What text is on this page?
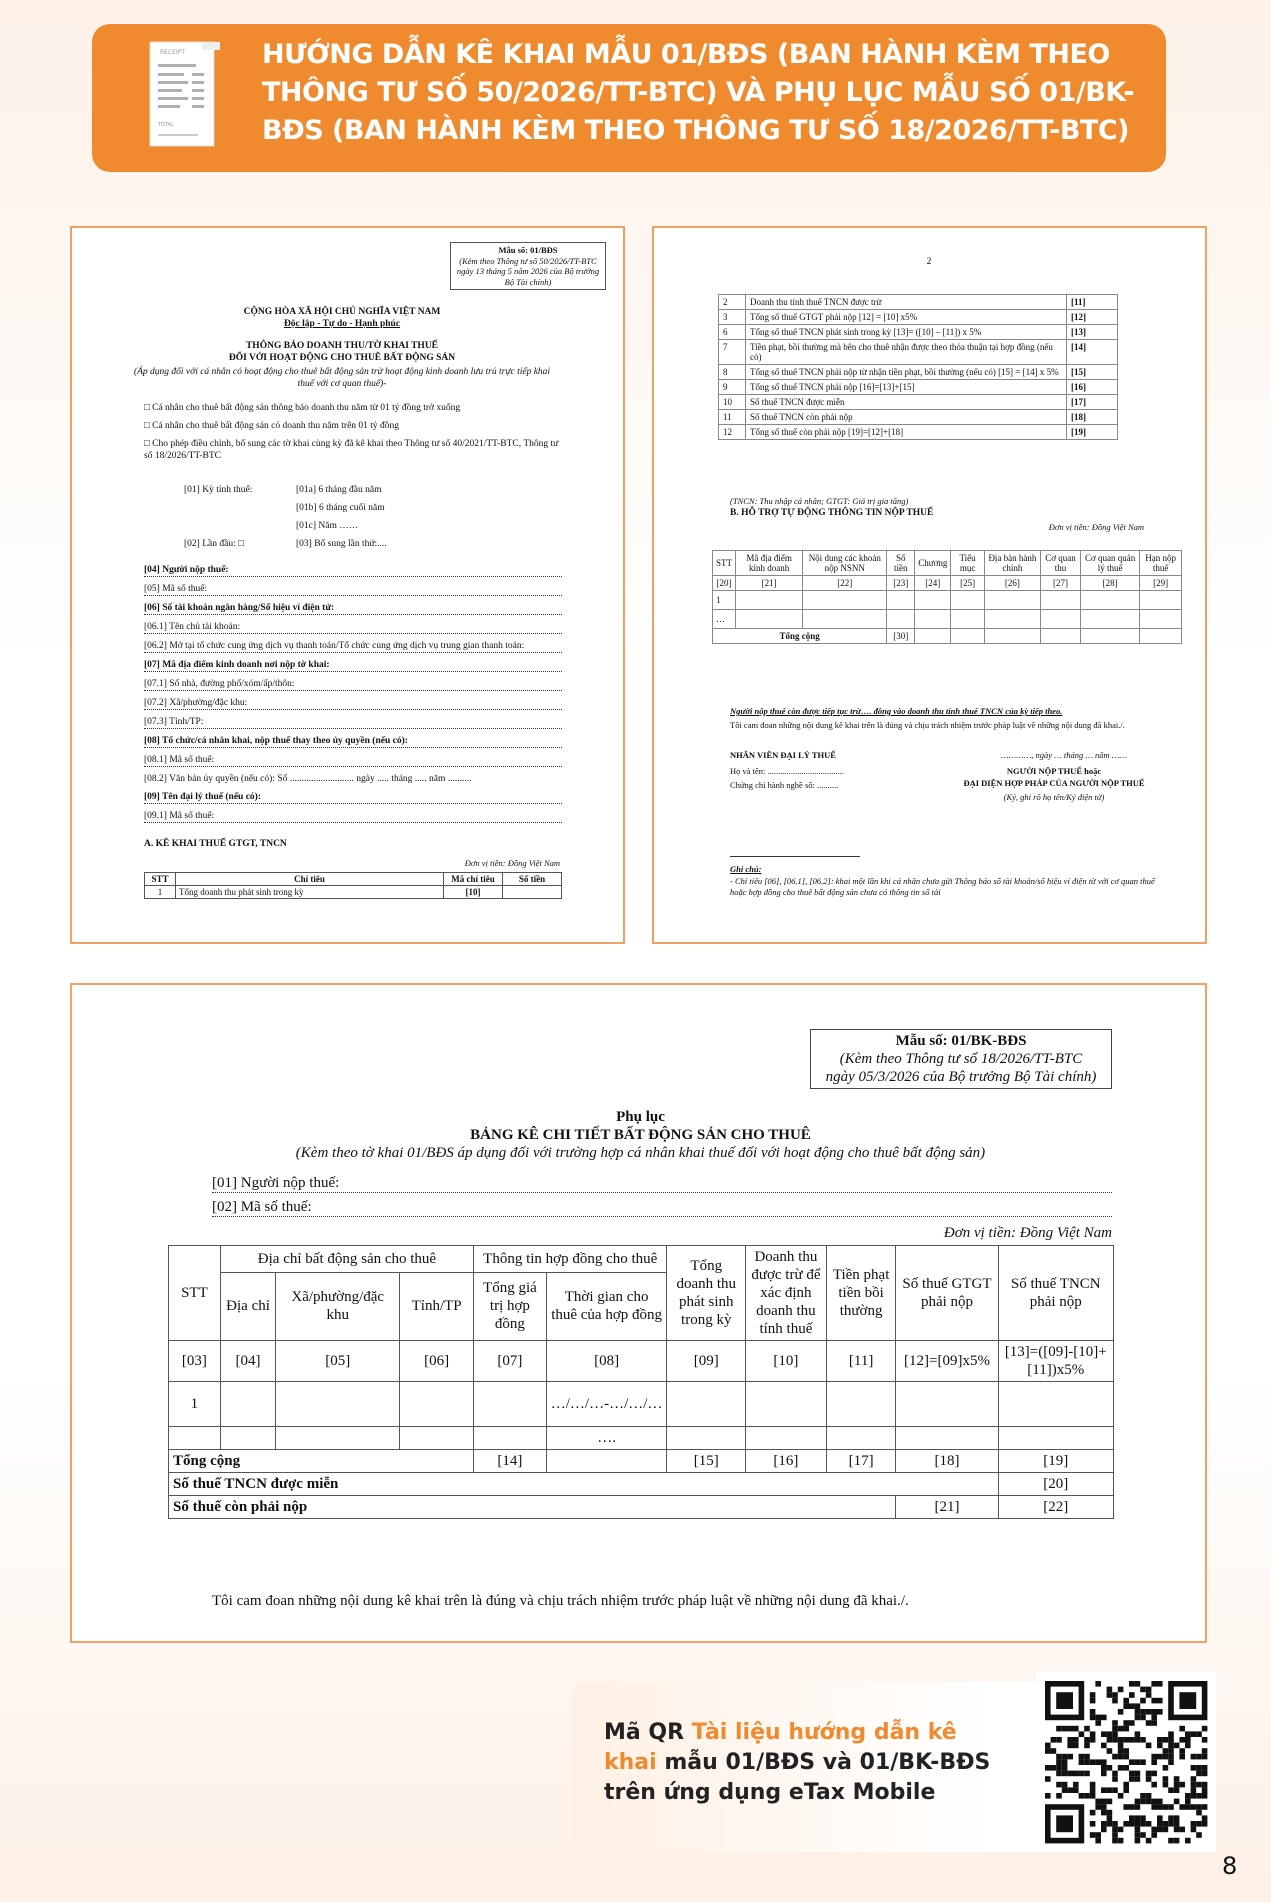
RECEIPT
TOTAL
HƯỚNG DẪN KÊ KHAI MẪU 01/BĐS (BAN HÀNH KÈM THEO THÔNG TƯ SỐ 50/2026/TT-BTC) VÀ PHỤ LỤC MẪU SỐ 01/BK-BĐS (BAN HÀNH KÈM THEO THÔNG TƯ SỐ 18/2026/TT-BTC)
Mẫu số: 01/BĐS
(Kèm theo Thông tư số 50/2026/TT-BTC
ngày 13 tháng 5 năm 2026 của Bộ trưởng
Bộ Tài chính)
CỘNG HÒA XÃ HỘI CHỦ NGHĨA VIỆT NAM
Độc lập - Tự do - Hạnh phúc
THÔNG BÁO DOANH THU/TỜ KHAI THUẾ
ĐỐI VỚI HOẠT ĐỘNG CHO THUÊ BẤT ĐỘNG SẢN
(Áp dụng đối với cá nhân có hoạt động cho thuê bất động sản trừ hoạt động kinh doanh lưu trú trực tiếp khai thuế với cơ quan thuế)-
□ Cá nhân cho thuê bất động sản thông báo doanh thu năm từ 01 tỷ đồng trở xuống
□ Cá nhân cho thuê bất động sản có doanh thu năm trên 01 tỷ đồng
□ Cho phép điều chỉnh, bổ sung các tờ khai cùng kỳ đã kê khai theo Thông tư số 40/2021/TT-BTC, Thông tư số 18/2026/TT-BTC
[01] Kỳ tính thuế:	[01a] 6 tháng đầu năm
[01b] 6 tháng cuối năm
[01c] Năm ……
[02] Lần đầu: □	[03] Bổ sung lần thứ:....
[04] Người nộp thuế:
[05] Mã số thuế:
[06] Số tài khoản ngân hàng/Số hiệu ví điện tử:
[06.1] Tên chủ tài khoản:
[06.2] Mở tại tổ chức cung ứng dịch vụ thanh toán/Tổ chức cung ứng dịch vụ trung gian thanh toán:
[07] Mã địa điểm kinh doanh nơi nộp tờ khai:
[07.1] Số nhà, đường phố/xóm/ấp/thôn:
[07.2] Xã/phường/đặc khu:
[07.3] Tỉnh/TP:
[08] Tổ chức/cá nhân khai, nộp thuế thay theo ủy quyền (nếu có):
[08.1] Mã số thuế:
[08.2] Văn bản ủy quyền (nếu có): Số ........................... ngày ..... tháng ..... năm ..........
[09] Tên đại lý thuế (nếu có):
[09.1] Mã số thuế:
A. KÊ KHAI THUẾ GTGT, TNCN
Đơn vị tiền: Đồng Việt Nam
STT	Chỉ tiêu	Mã chỉ tiêu	Số tiền
1	Tổng doanh thu phát sinh trong kỳ	[10]	
2
2	Doanh thu tính thuế TNCN được trừ	[11]
3	Tổng số thuế GTGT phải nộp [12] = [10] x5%	[12]
6	Tổng số thuế TNCN phát sinh trong kỳ [13]= ([10] – [11]) x 5%	[13]
7	Tiền phạt, bồi thường mà bên cho thuê nhận được theo thỏa thuận tại hợp đồng (nếu có)	[14]
8	Tổng số thuế TNCN phải nộp từ nhận tiền phạt, bồi thường (nếu có) [15] = [14] x 5%	[15]
9	Tổng số thuế TNCN phải nộp [16]=[13]+[15]	[16]
10	Số thuế TNCN được miễn	[17]
11	Số thuế TNCN còn phải nộp	[18]
12	Tổng số thuế còn phải nộp [19]=[12]+[18]	[19]
(TNCN: Thu nhập cá nhân; GTGT: Giá trị gia tăng)
B. HỖ TRỢ TỰ ĐỘNG THÔNG TIN NỘP THUẾ
Đơn vị tiền: Đồng Việt Nam
STT	Mã địa điểm kinh doanh	Nội dung các khoản nộp NSNN	Số tiền	Chương	Tiểu mục	Địa bàn hành chính	Cơ quan thu	Cơ quan quản lý thuế	Hạn nộp thuế
[20]	[21]	[22]	[23]	[24]	[25]	[26]	[27]	[28]	[29]
1									
…									
Tổng cộng			[30]						
Người nộp thuế còn được tiếp tục trừ…. đồng vào doanh thu tính thuế TNCN của kỳ tiếp theo.
Tôi cam đoan những nội dung kê khai trên là đúng và chịu trách nhiệm trước pháp luật về những nội dung đã khai./.
NHÂN VIÊN ĐẠI LÝ THUẾ
Họ và tên: ....................................
Chứng chỉ hành nghề số: ..........
…………, ngày … tháng … năm ……
NGƯỜI NỘP THUẾ hoặc
ĐẠI DIỆN HỢP PHÁP CỦA NGƯỜI NỘP THUẾ
(Ký, ghi rõ họ tên/Ký điện tử)
Ghi chú:
- Chỉ tiêu [06], [06.1], [06.2]: khai một lần khi cá nhân chưa gửi Thông báo số tài khoản/số hiệu ví điện tử với cơ quan thuế hoặc hợp đồng cho thuê bất động sản chưa có thông tin số tài
Mẫu số: 01/BK-BĐS
(Kèm theo Thông tư số 18/2026/TT-BTC
ngày 05/3/2026 của Bộ trưởng Bộ Tài chính)
Phụ lục
BẢNG KÊ CHI TIẾT BẤT ĐỘNG SẢN CHO THUÊ
(Kèm theo tờ khai 01/BĐS áp dụng đối với trường hợp cá nhân khai thuế đối với hoạt động cho thuê bất động sản)
[01] Người nộp thuế:
[02] Mã số thuế:
Đơn vị tiền: Đồng Việt Nam
STT	Địa chỉ bất động sản cho thuê			Thông tin hợp đồng cho thuê		Tổng doanh thu phát sinh trong kỳ	Doanh thu được trừ để xác định doanh thu tính thuế	Tiền phạt tiền bồi thường	Số thuế GTGT phải nộp	Số thuế TNCN phải nộp
	Địa chỉ	Xã/phường/đặc khu	Tỉnh/TP	Tổng giá trị hợp đồng	Thời gian cho thuê của hợp đồng					
[03]	[04]	[05]	[06]	[07]	[08]	[09]	[10]	[11]	[12]=[09]x5%	[13]=([09]-[10]+[11])x5%
1					…/…/…-…/…/…					
					….					
Tổng cộng				[14]		[15]	[16]	[17]	[18]	[19]
Số thuế TNCN được miễn										[20]
Số thuế còn phải nộp									[21]	[22]
Tôi cam đoan những nội dung kê khai trên là đúng và chịu trách nhiệm trước pháp luật về những nội dung đã khai./.
Mã QR Tài liệu hướng dẫn kê khai mẫu 01/BĐS và 01/BK-BĐS trên ứng dụng eTax Mobile
8
